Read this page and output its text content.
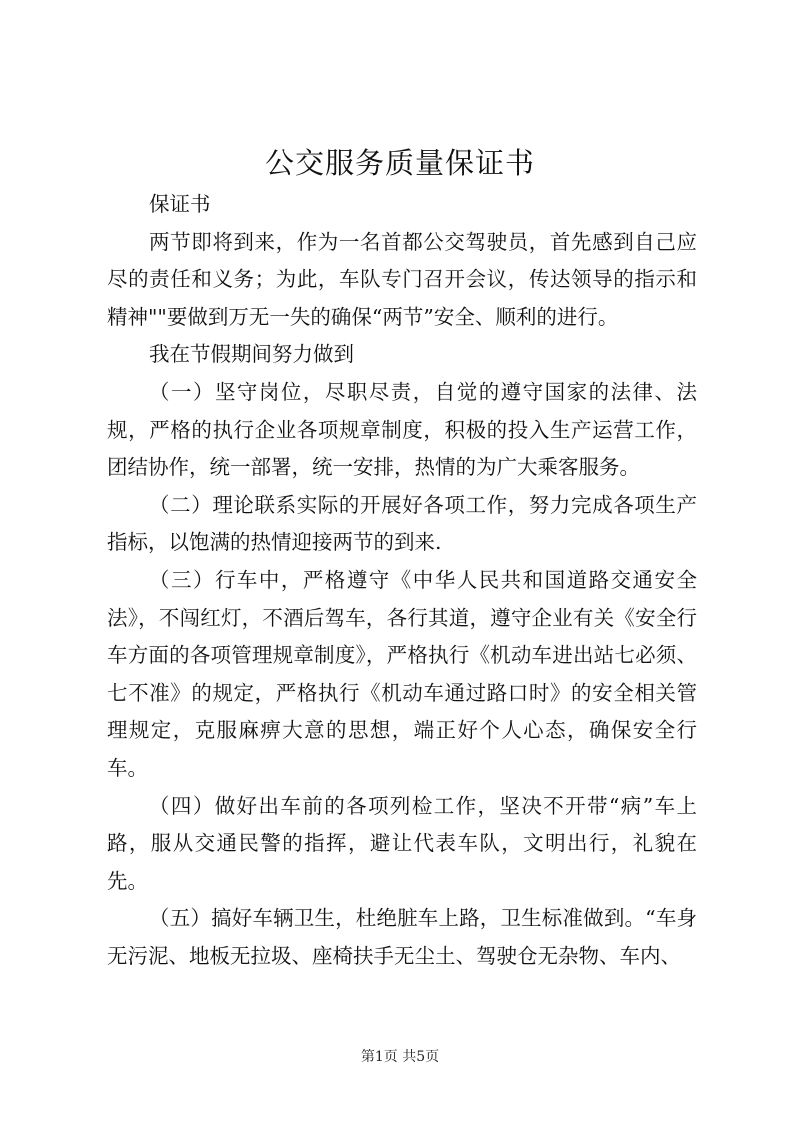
公交服务质量保证书

保证书

两节即将到来，作为一名首都公交驾驶员，首先感到自己应尽的责任和义务；为此，车队专门召开会议，传达领导的指示和精神""要做到万无一失的确保“两节”安全、顺利的进行。

我在节假期间努力做到

（一）坚守岗位，尽职尽责，自觉的遵守国家的法律、法规，严格的执行企业各项规章制度，积极的投入生产运营工作，团结协作，统一部署，统一安排，热情的为广大乘客服务。

（二）理论联系实际的开展好各项工作，努力完成各项生产指标，以饱满的热情迎接两节的到来.

（三）行车中，严格遵守《中华人民共和国道路交通安全法》，不闯红灯，不酒后驾车，各行其道，遵守企业有关《安全行车方面的各项管理规章制度》，严格执行《机动车进出站七必须、七不准》的规定，严格执行《机动车通过路口时》的安全相关管理规定，克服麻痹大意的思想，端正好个人心态，确保安全行车。

（四）做好出车前的各项列检工作，坚决不开带“病”车上路，服从交通民警的指挥，避让代表车队，文明出行，礼貌在先。

（五）搞好车辆卫生，杜绝脏车上路，卫生标准做到。“车身无污泥、地板无拉圾、座椅扶手无尘土、驾驶仓无杂物、车内、

第1页 共5页
